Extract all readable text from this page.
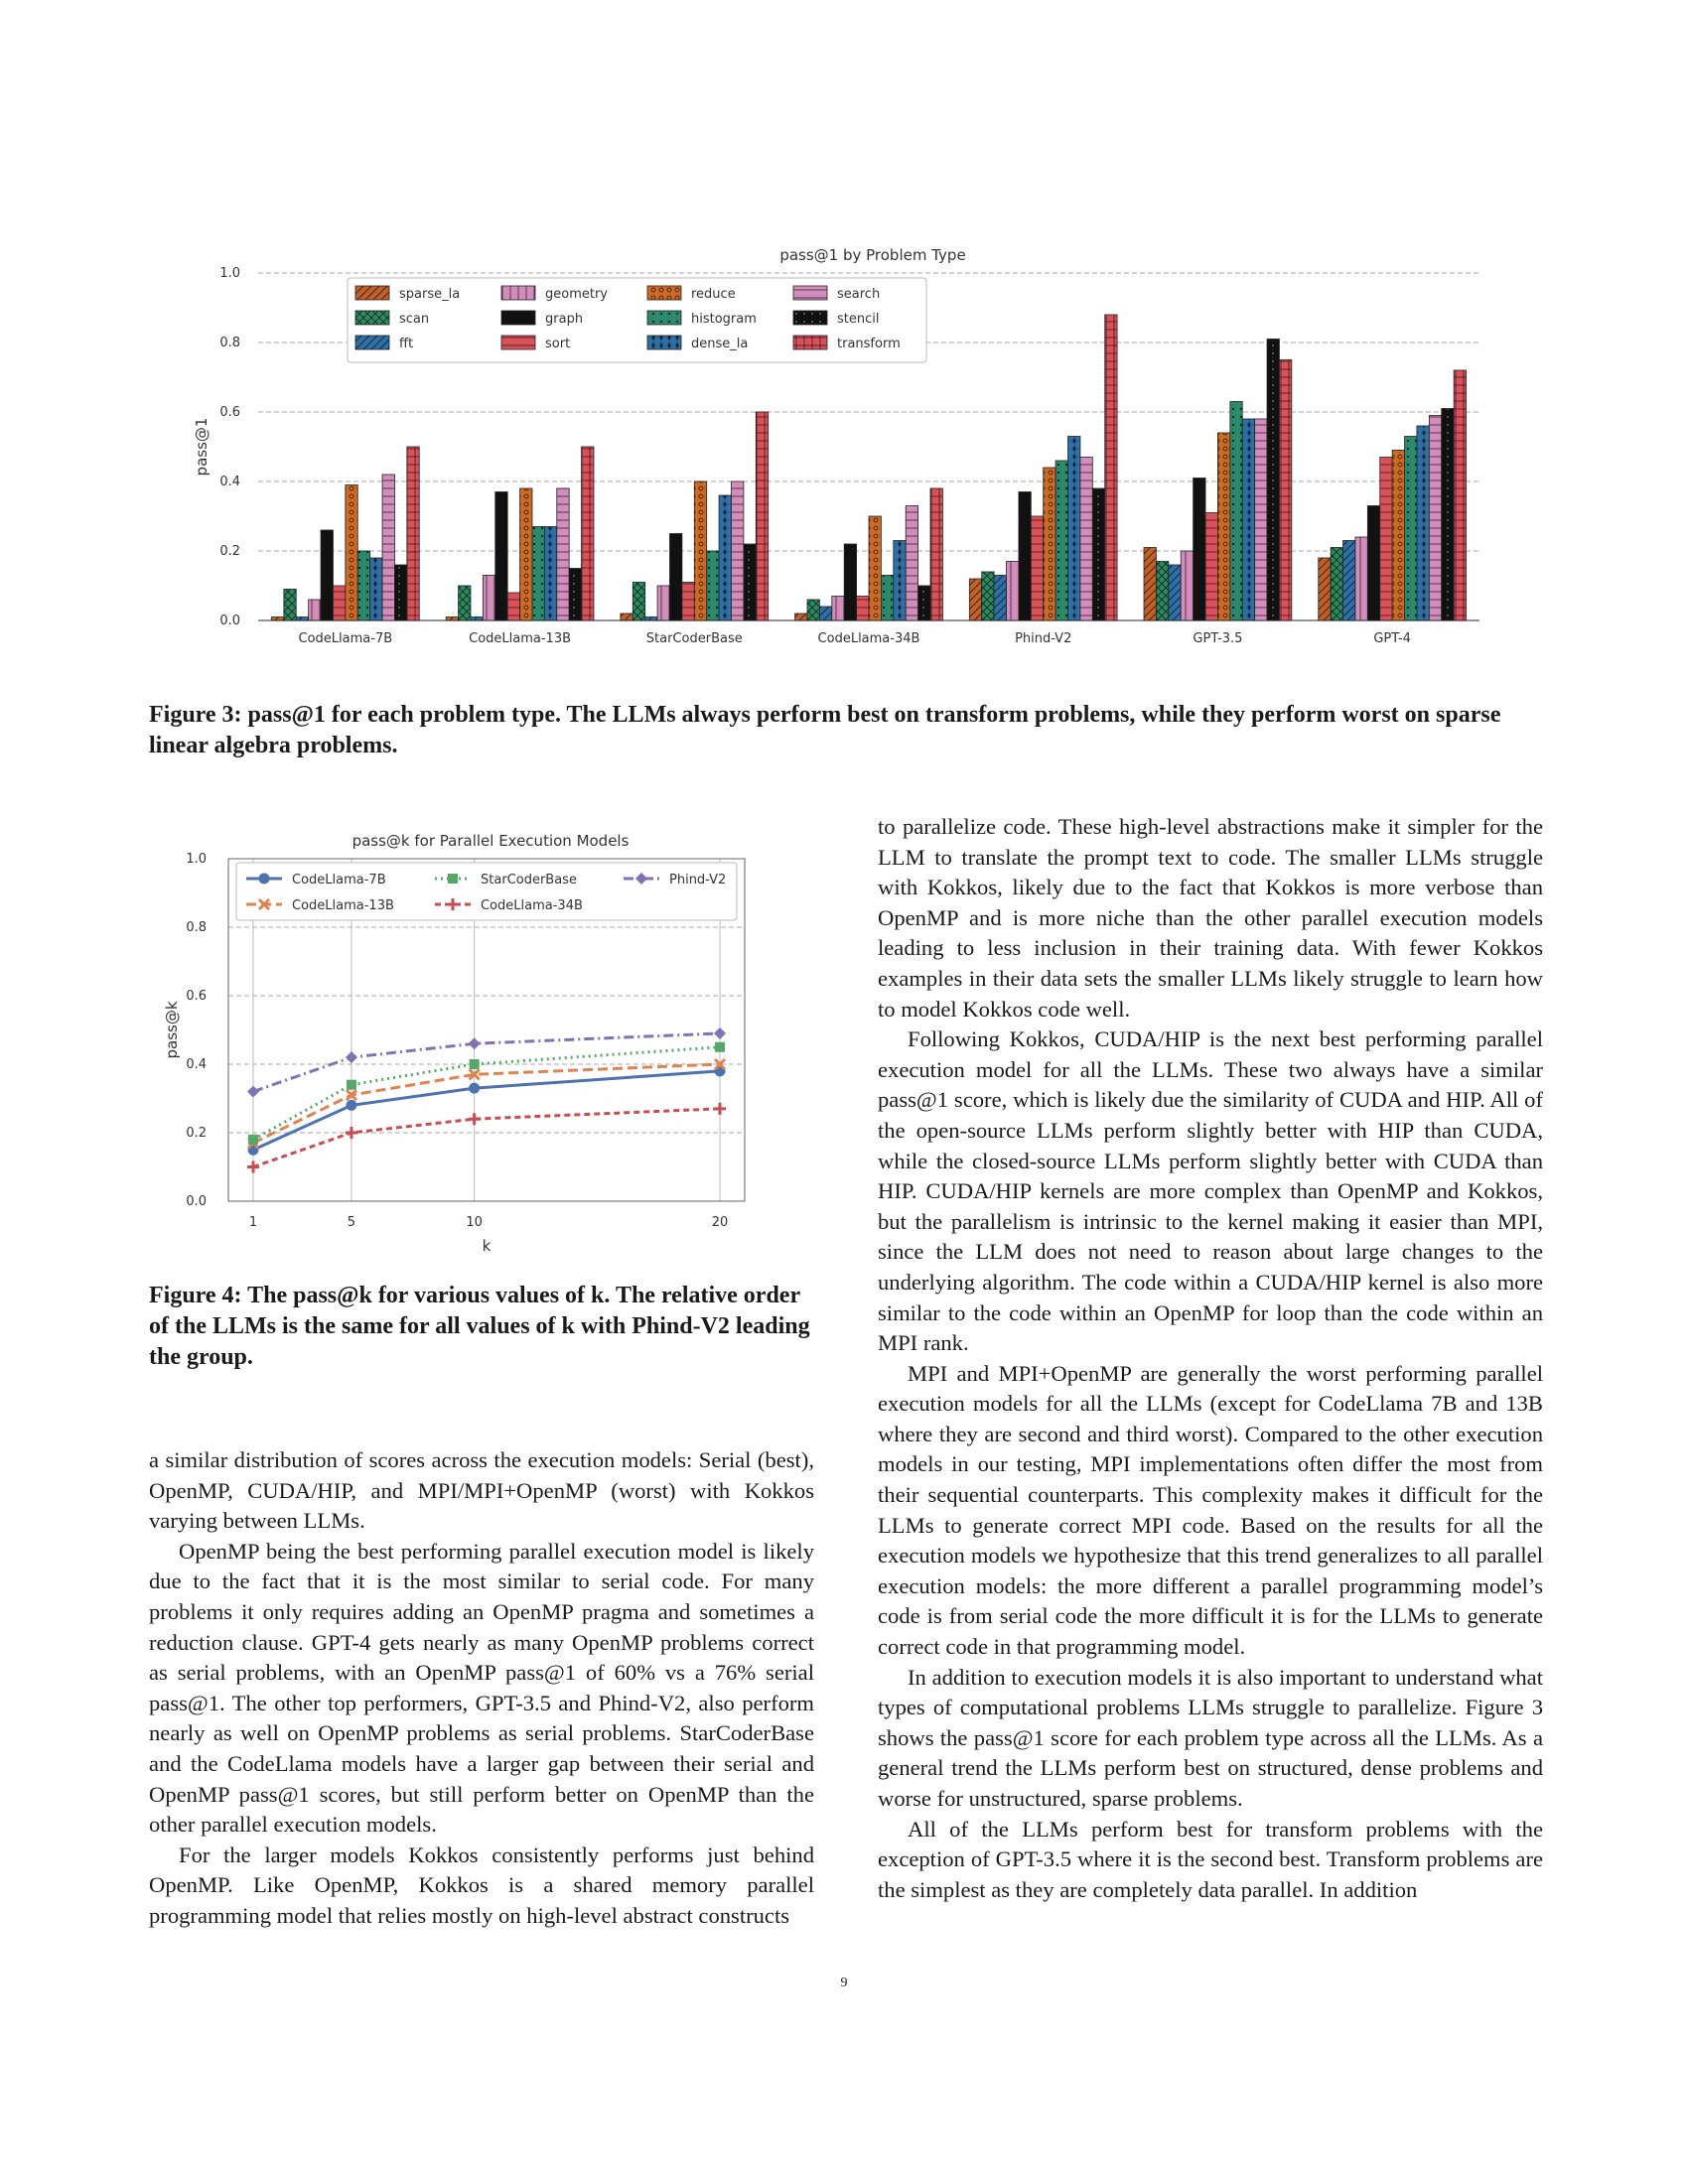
pass@1 by Problem Type
0.0
0.2
0.4
0.6
0.8
1.0
pass@1
CodeLlama-7B	CodeLlama-13B	StarCoderBase	CodeLlama-34B	Phind-V2	GPT-3.5	GPT-4
sparse_la
scan
fft
geometry
graph
sort
reduce
histogram
dense_la
search
stencil
transform

Figure 3: pass@1 for each problem type. The LLMs always perform best on transform problems, while they perform worst on sparse linear algebra problems.

pass@k for Parallel Execution Models
0.0
0.2
0.4
0.6
0.8
1.0
1	5	10	20
k
pass@k
CodeLlama-7B
CodeLlama-13B
StarCoderBase
CodeLlama-34B
Phind-V2

Figure 4: The pass@k for various values of k. The relative order of the LLMs is the same for all values of k with Phind-V2 leading the group.

a similar distribution of scores across the execution models: Serial (best), OpenMP, CUDA/HIP, and MPI/MPI+OpenMP (worst) with Kokkos varying between LLMs.

OpenMP being the best performing parallel execution model is likely due to the fact that it is the most similar to serial code. For many problems it only requires adding an OpenMP pragma and sometimes a reduction clause. GPT-4 gets nearly as many OpenMP problems correct as serial problems, with an OpenMP pass@1 of 60% vs a 76% serial pass@1. The other top performers, GPT-3.5 and Phind-V2, also perform nearly as well on OpenMP problems as serial problems. StarCoderBase and the CodeLlama models have a larger gap between their serial and OpenMP pass@1 scores, but still perform better on OpenMP than the other parallel execution models.

For the larger models Kokkos consistently performs just behind OpenMP. Like OpenMP, Kokkos is a shared memory parallel programming model that relies mostly on high-level abstract constructs

to parallelize code. These high-level abstractions make it simpler for the LLM to translate the prompt text to code. The smaller LLMs struggle with Kokkos, likely due to the fact that Kokkos is more verbose than OpenMP and is more niche than the other parallel execution models leading to less inclusion in their training data. With fewer Kokkos examples in their data sets the smaller LLMs likely struggle to learn how to model Kokkos code well.

Following Kokkos, CUDA/HIP is the next best performing parallel execution model for all the LLMs. These two always have a similar pass@1 score, which is likely due the similarity of CUDA and HIP. All of the open-source LLMs perform slightly better with HIP than CUDA, while the closed-source LLMs perform slightly better with CUDA than HIP. CUDA/HIP kernels are more complex than OpenMP and Kokkos, but the parallelism is intrinsic to the kernel making it easier than MPI, since the LLM does not need to reason about large changes to the underlying algorithm. The code within a CUDA/HIP kernel is also more similar to the code within an OpenMP for loop than the code within an MPI rank.

MPI and MPI+OpenMP are generally the worst performing parallel execution models for all the LLMs (except for CodeLlama 7B and 13B where they are second and third worst). Compared to the other execution models in our testing, MPI implementations often differ the most from their sequential counterparts. This complexity makes it difficult for the LLMs to generate correct MPI code. Based on the results for all the execution models we hypothesize that this trend generalizes to all parallel execution models: the more different a parallel programming model’s code is from serial code the more difficult it is for the LLMs to generate correct code in that programming model.

In addition to execution models it is also important to understand what types of computational problems LLMs struggle to parallelize. Figure 3 shows the pass@1 score for each problem type across all the LLMs. As a general trend the LLMs perform best on structured, dense problems and worse for unstructured, sparse problems.

All of the LLMs perform best for transform problems with the exception of GPT-3.5 where it is the second best. Transform problems are the simplest as they are completely data parallel. In addition

9
